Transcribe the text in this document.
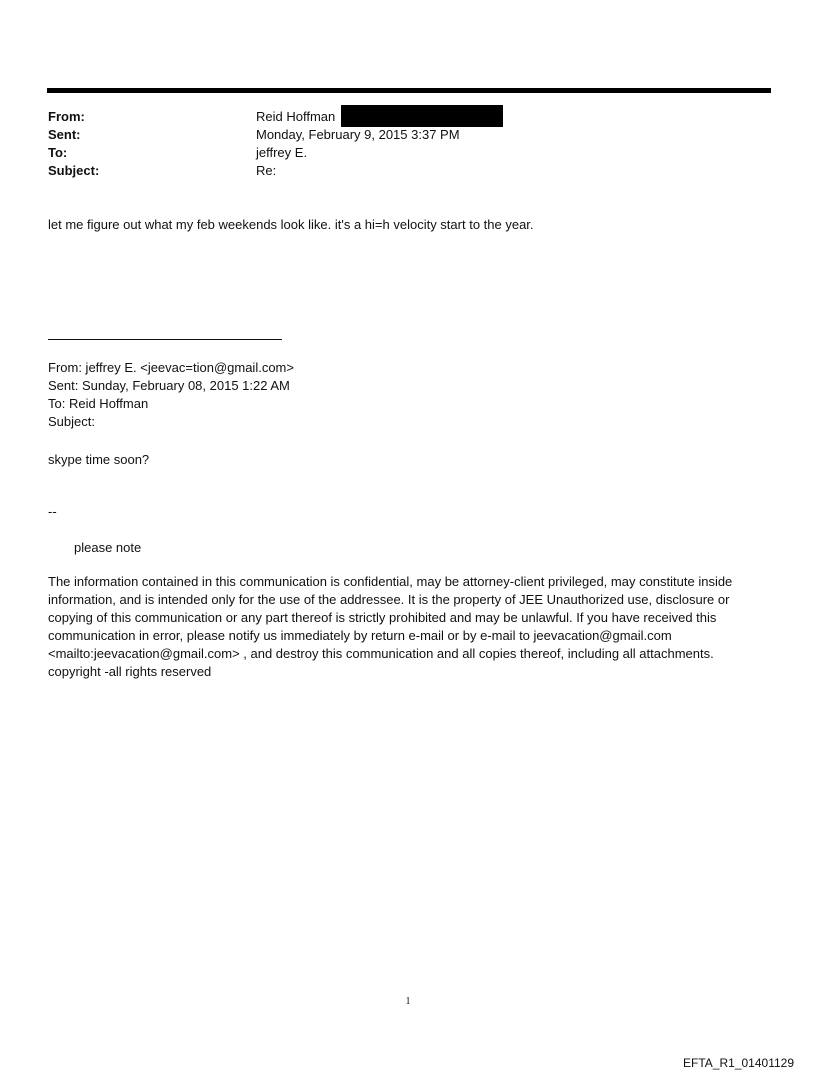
From:	Reid Hoffman
Sent:	Monday, February 9, 2015 3:37 PM
To:	jeffrey E.
Subject:	Re:
let me figure out what my feb weekends look like. it's a hi=h velocity start to the year.
From: jeffrey E. <jeevac=tion@gmail.com>
Sent: Sunday, February 08, 2015 1:22 AM
To: Reid Hoffman
Subject:
skype time soon?
--
please note
The information contained in this communication is confidential, may be attorney-client privileged, may constitute inside information, and is intended only for the use of the addressee. It is the property of JEE Unauthorized use, disclosure or copying of this communication or any part thereof is strictly prohibited and may be unlawful. If you have received this communication in error, please notify us immediately by return e-mail or by e-mail to jeevacation@gmail.com <mailto:jeevacation@gmail.com> , and destroy this communication and all copies thereof, including all attachments. copyright -all rights reserved
1
EFTA_R1_01401129
